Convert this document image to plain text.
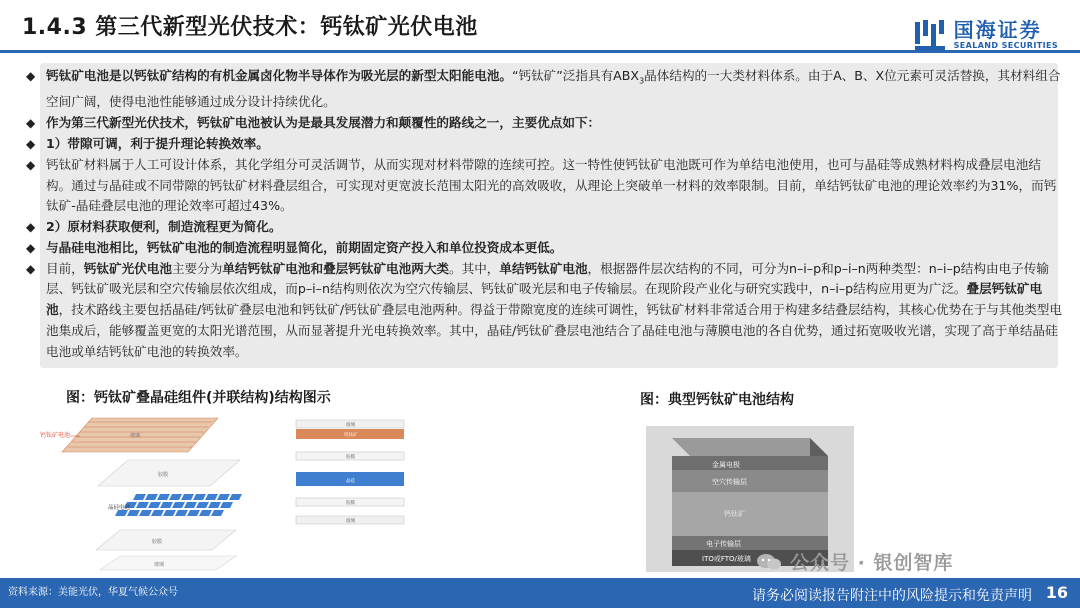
1.4.3 第三代新型光伏技术：钙钛矿光伏电池	国海证券
SEALAND SECURITIES

◆ 钙钛矿电池是以钙钛矿结构的有机金属卤化物半导体作为吸光层的新型太阳能电池。“钙钛矿”泛指具有$ABX_3$晶体结构的一大类材料体系。由于A、B、X位元素可灵活替换，其材料组合空间广阔，使得电池性能够通过成分设计持续优化。

◆ 作为第三代新型光伏技术，钙钛矿电池被认为是最具发展潜力和颠覆性的路线之一，主要优点如下：

◆ 1）带隙可调，利于提升理论转换效率。

◆ 钙钛矿材料属于人工可设计体系，其化学组分可灵活调节，从而实现对材料带隙的连续可控。这一特性使钙钛矿电池既可作为单结电池使用，也可与晶硅等成熟材料构成叠层电池结构。通过与晶硅或不同带隙的钙钛矿材料叠层组合，可实现对更宽波长范围太阳光的高效吸收，从理论上突破单一材料的效率限制。目前，单结钙钛矿电池的理论效率约为31%，而钙钛矿-晶硅叠层电池的理论效率可超过43%。

◆ 2）原材料获取便利，制造流程更为简化。

◆ 与晶硅电池相比，钙钛矿电池的制造流程明显简化，前期固定资产投入和单位投资成本更低。

◆ 目前，钙钛矿光伏电池主要分为单结钙钛矿电池和叠层钙钛矿电池两大类。其中，单结钙钛矿电池，根据器件层次结构的不同，可分为n–i–p和p–i–n两种类型：n–i–p结构由电子传输层、钙钛矿吸光层和空穴传输层依次组成，而p–i–n结构则依次为空穴传输层、钙钛矿吸光层和电子传输层。在现阶段产业化与研究实践中，n–i–p结构应用更为广泛。叠层钙钛矿电池，技术路线主要包括晶硅/钙钛矿叠层电池和钙钛矿/钙钛矿叠层电池两种。得益于带隙宽度的连续可调性，钙钛矿材料非常适合用于构建多结叠层结构，其核心优势在于与其他类型电池集成后，能够覆盖更宽的太阳光谱范围，从而显著提升光电转换效率。其中，晶硅/钙钛矿叠层电池结合了晶硅电池与薄膜电池的各自优势，通过拓宽吸收光谱，实现了高于单结晶硅电池或单结钙钛矿电池的转换效率。

图：钙钛矿叠晶硅组件(并联结构)结构图示	图：典型钙钛矿电池结构
玻璃
钙钛矿电池
胶膜
晶硅电池
胶膜
玻璃
玻璃
钙钛矿
胶膜
晶硅
胶膜
玻璃
金属电极
空穴传输层
钙钛矿
电子传输层
ITO或FTO/玻璃 公众号 · 银创智库
资料来源：美能光伏，华夏气候公众号	请务必阅读报告附注中的风险提示和免责声明 16
